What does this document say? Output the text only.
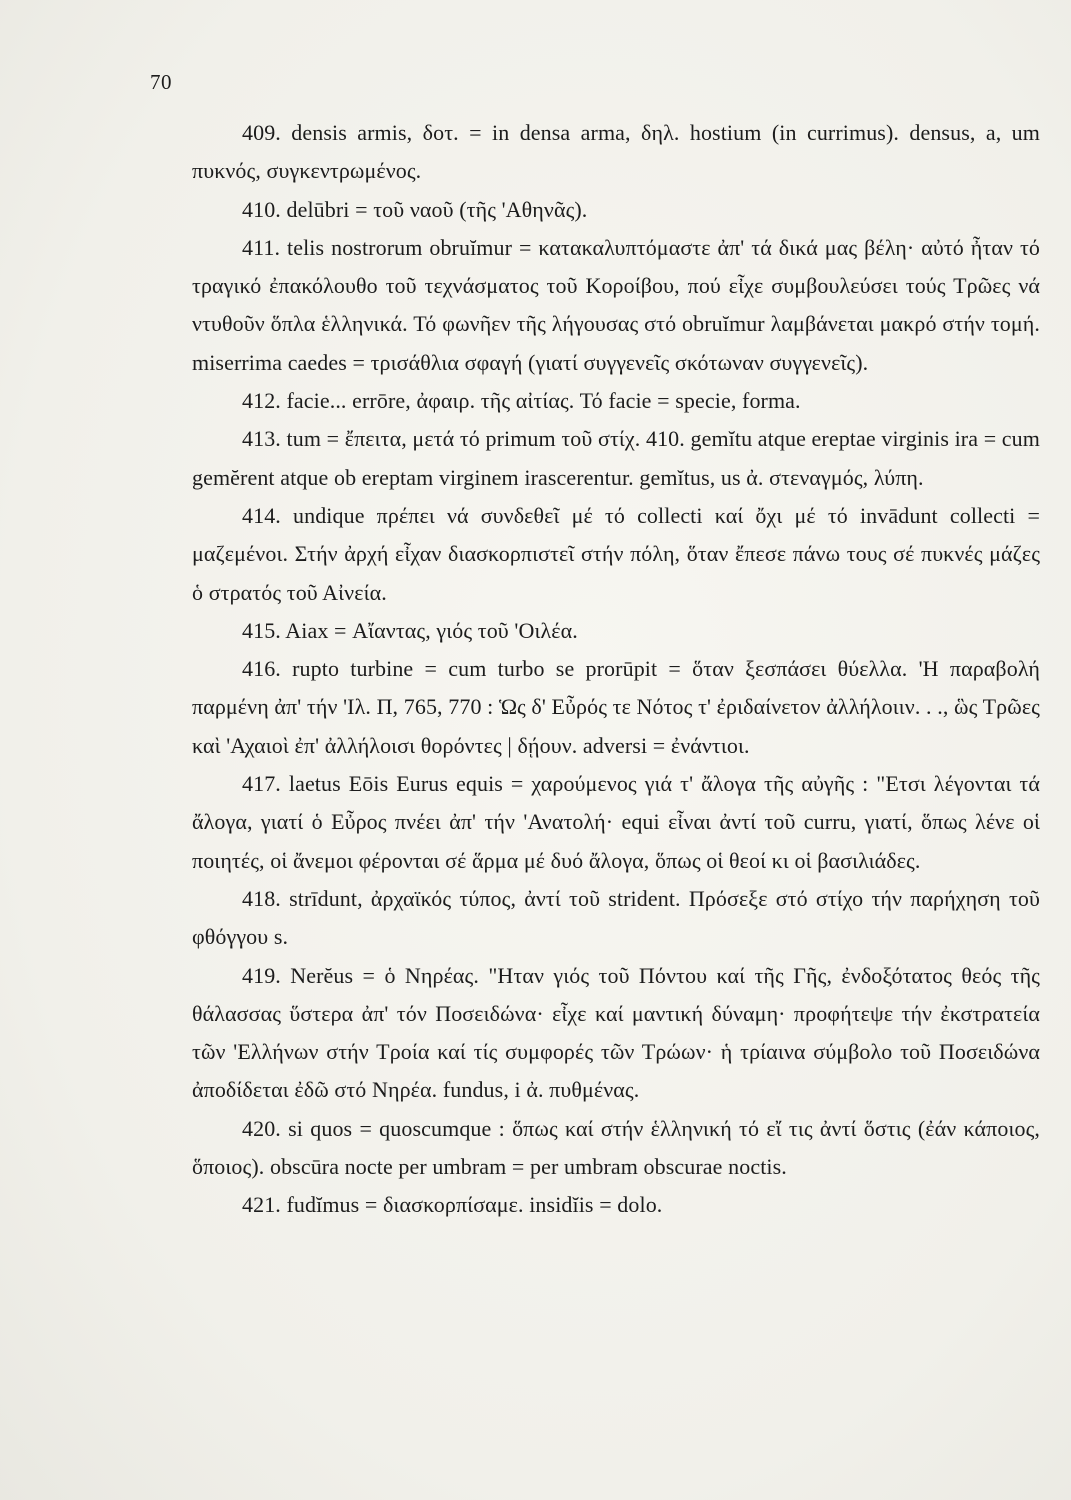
70

409. densis armis, δοτ. = in densa arma, δηλ. hostium (in currimus). densus, a, um πυκνός, συγκεντρωμένος.

410. delūbri = τοῦ ναοῦ (τῆς 'Αθηνᾶς).

411. telis nostrorum obruĭmur = κατακαλυπτόμαστε ἀπ' τά δικά μας βέλη· αὐτό ἦταν τό τραγικό ἐπακόλουθο τοῦ τεχνάσματος τοῦ Κοροίβου, πού εἶχε συμβουλεύσει τούς Τρῶες νά ντυθοῦν ὅπλα ἑλληνικά. Τό φωνῆεν τῆς λήγουσας στό obruĭmur λαμβάνεται μακρό στήν τομή. miserrima caedes = τρισάθλια σφαγή (γιατί συγγενεῖς σκότωναν συγγενεῖς).

412. facie... errōre, ἀφαιρ. τῆς αἰτίας. Τό facie = specie, forma.

413. tum = ἔπειτα, μετά τό primum τοῦ στίχ. 410. gemĭtu atque ereptae virginis ira = cum gemĕrent atque ob ereptam virginem irascerentur. gemĭtus, us ἀ. στεναγμός, λύπη.

414. undique πρέπει νά συνδεθεῖ μέ τό collecti καί ὄχι μέ τό invādunt collecti = μαζεμένοι. Στήν ἀρχή εἶχαν διασκορπιστεῖ στήν πόλη, ὅταν ἔπεσε πάνω τους σέ πυκνές μάζες ὁ στρατός τοῦ Αἰνεία.

415. Aiax = Αἴαντας, γιός τοῦ 'Οιλέα.

416. rupto turbine = cum turbo se prorūpit = ὅταν ξεσπάσει θύελλα. 'Η παραβολή παρμένη ἀπ' τήν 'Ιλ. Π, 765, 770 : Ὡς δ' Εὖρός τε Νότος τ' ἐριδαίνετον ἀλλήλοιιν. . ., ὣς Τρῶες καὶ 'Αχαιοὶ ἐπ' ἀλλήλοισι θορόντες | δῄουν. adversi = ἐνάντιοι.

417. laetus Eōis Eurus equis = χαρούμενος γιά τ' ἄλογα τῆς αὐγῆς : "Ετσι λέγονται τά ἄλογα, γιατί ὁ Εὖρος πνέει ἀπ' τήν 'Ανατολή· equi εἶναι ἀντί τοῦ curru, γιατί, ὅπως λένε οἱ ποιητές, οἱ ἄνεμοι φέρονται σέ ἅρμα μέ δυό ἄλογα, ὅπως οἱ θεοί κι οἱ βασιλιάδες.

418. strīdunt, ἀρχαϊκός τύπος, ἀντί τοῦ strident. Πρόσεξε στό στίχο τήν παρήχηση τοῦ φθόγγου s.

419. Nerĕus = ὁ Νηρέας. "Ηταν γιός τοῦ Πόντου καί τῆς Γῆς, ἐνδοξότατος θεός τῆς θάλασσας ὕστερα ἀπ' τόν Ποσειδώνα· εἶχε καί μαντική δύναμη· προφήτεψε τήν ἐκστρατεία τῶν 'Ελλήνων στήν Τροία καί τίς συμφορές τῶν Τρώων· ἡ τρίαινα σύμβολο τοῦ Ποσειδώνα ἀποδίδεται ἐδῶ στό Νηρέα. fundus, i ἀ. πυθμένας.

420. si quos = quoscumque : ὅπως καί στήν ἑλληνική τό εἴ τις ἀντί ὅστις (ἐάν κάποιος, ὅποιος). obscūra nocte per umbram = per umbram obscurae noctis.

421. fudĭmus = διασκορπίσαμε. insidĭis = dolo.
